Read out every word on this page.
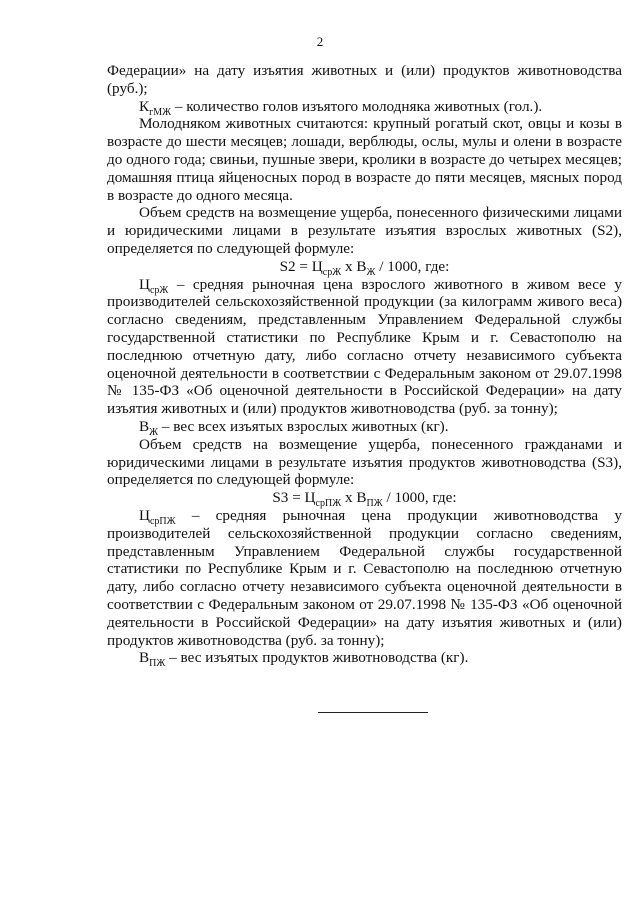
2

Федерации» на дату изъятия животных и (или) продуктов животноводства (руб.);

$К_{гМЖ}$ – количество голов изъятого молодняка животных (гол.).

Молодняком животных считаются: крупный рогатый скот, овцы и козы в возрасте до шести месяцев; лошади, верблюды, ослы, мулы и олени в возрасте до одного года; свиньи, пушные звери, кролики в возрасте до четырех месяцев; домашняя птица яйценосных пород в возрасте до пяти месяцев, мясных пород в возрасте до одного месяца.

Объем средств на возмещение ущерба, понесенного физическими лицами и юридическими лицами в результате изъятия взрослых животных (S2), определяется по следующей формуле:

$S2 = Ц_{срЖ}$ x $В_Ж / 1000$, где:

$Ц_{срЖ}$ – средняя рыночная цена взрослого животного в живом весе у производителей сельскохозяйственной продукции (за килограмм живого веса) согласно сведениям, представленным Управлением Федеральной службы государственной статистики по Республике Крым и г. Севастополю на последнюю отчетную дату, либо согласно отчету независимого субъекта оценочной деятельности в соответствии с Федеральным законом от 29.07.1998 № 135-ФЗ «Об оценочной деятельности в Российской Федерации» на дату изъятия животных и (или) продуктов животноводства (руб. за тонну);

$В_Ж$ – вес всех изъятых взрослых животных (кг).

Объем средств на возмещение ущерба, понесенного гражданами и юридическими лицами в результате изъятия продуктов животноводства (S3), определяется по следующей формуле:

$S3 = Ц_{срПЖ}$ x $В_{ПЖ} / 1000$, где:

$Ц_{срПЖ}$ – средняя рыночная цена продукции животноводства у производителей сельскохозяйственной продукции согласно сведениям, представленным Управлением Федеральной службы государственной статистики по Республике Крым и г. Севастополю на последнюю отчетную дату, либо согласно отчету независимого субъекта оценочной деятельности в соответствии с Федеральным законом от 29.07.1998 № 135-ФЗ «Об оценочной деятельности в Российской Федерации» на дату изъятия животных и (или) продуктов животноводства (руб. за тонну);

$В_{ПЖ}$ – вес изъятых продуктов животноводства (кг).
